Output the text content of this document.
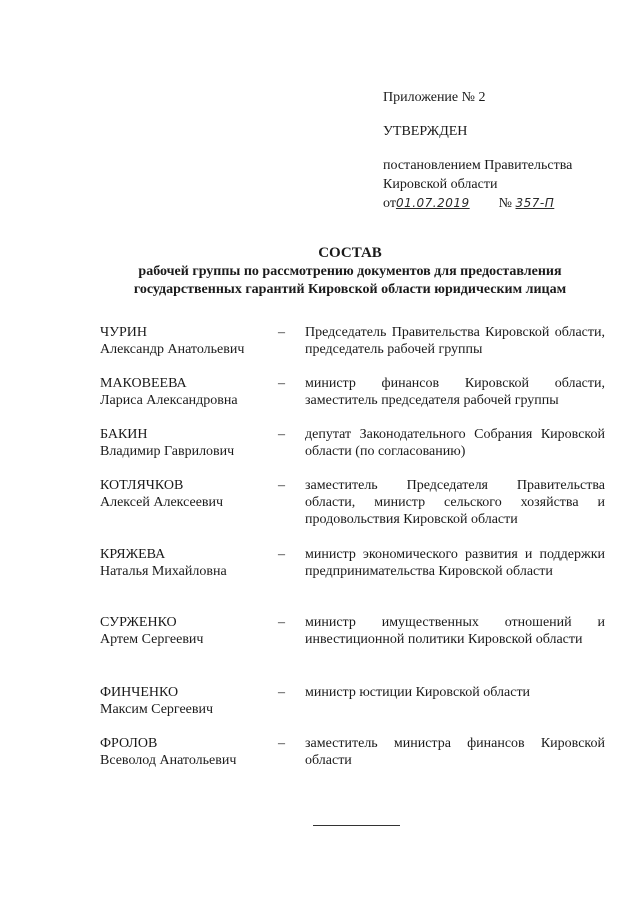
Приложение № 2
УТВЕРЖДЕН
постановлением Правительства
Кировской области
от01.07.2019 № 357-П
СОСТАВ
рабочей группы по рассмотрению документов для предоставления
государственных гарантий Кировской области юридическим лицам
ЧУРИН
Александр Анатольевич
–	Председатель Правительства Кировской области, председатель рабочей группы
МАКОВЕЕВА
Лариса Александровна
–	министр финансов Кировской области, заместитель председателя рабочей группы
БАКИН
Владимир Гаврилович
–	депутат Законодательного Собрания Кировской области (по согласованию)
КОТЛЯЧКОВ
Алексей Алексеевич
–	заместитель Председателя Правительства области, министр сельского хозяйства и продовольствия Кировской области
КРЯЖЕВА
Наталья Михайловна
–	министр экономического развития и поддержки предпринимательства Кировской области
СУРЖЕНКО
Артем Сергеевич
–	министр имущественных отношений и инвестиционной политики Кировской области
ФИНЧЕНКО
Максим Сергеевич
–	министр юстиции Кировской области
ФРОЛОВ
Всеволод Анатольевич
–	заместитель министра финансов Кировской области
